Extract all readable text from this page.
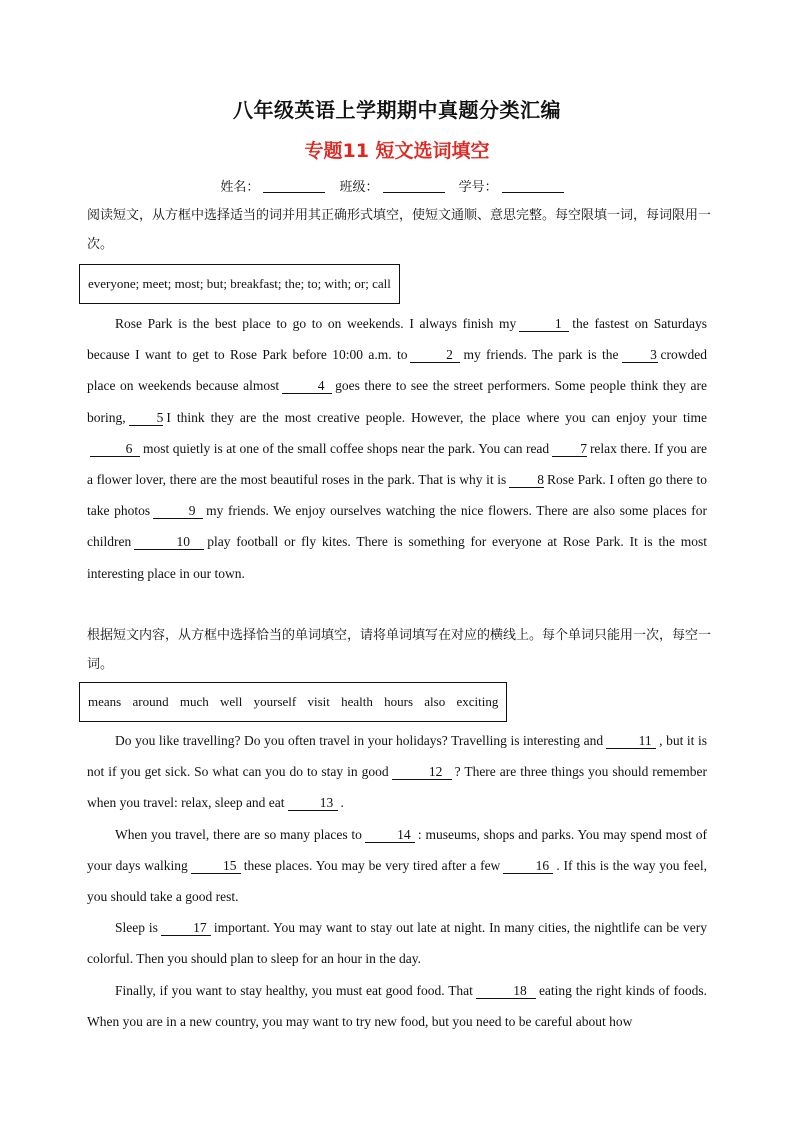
八年级英语上学期期中真题分类汇编
专题11 短文选词填空
姓名：	班级：	学号：
阅读短文，从方框中选择适当的词并用其正确形式填空，使短文通顺、意思完整。每空限填一词，每词限用一次。
everyone; meet; most; but; breakfast; the; to; with; or; call

Rose Park is the best place to go to on weekends. I always finish my	1 the fastest on Saturdays because I want to get to Rose Park before 10:00 a.m. to	2 my friends. The park is the 3 crowded place on weekends because almost	4 goes there to see the street performers. Some people think they are boring, 5 I think they are the most creative people. However, the place where you can enjoy your time6 most quietly is at one of the small coffee shops near the park. You can read 7 relax there. If you are a flower lover, there are the most beautiful roses in the park. That is why it is 8 Rose Park. I often go there to take photos	9 my friends. We enjoy ourselves watching the nice flowers. There are also some places for children	10 play football or fly kites. There is something for everyone at Rose Park. It is the most interesting place in our town.

根据短文内容，从方框中选择恰当的单词填空，请将单词填写在对应的横线上。每个单词只能用一次，每空一词。
means around much well yourself visit health hours also exciting

Do you like travelling? Do you often travel in your holidays? Travelling is interesting and	11 , but it is not if you get sick. So what can you do to stay in good	12 ? There are three things you should remember when you travel: relax, sleep and eat	13 .

When you travel, there are so many places to	14 : museums, shops and parks. You may spend most of your days walking	15 these places. You may be very tired after a few	16 . If this is the way you feel, you should take a good rest.

Sleep is	17 important. You may want to stay out late at night. In many cities, the nightlife can be very colorful. Then you should plan to sleep for an hour in the day.

Finally, if you want to stay healthy, you must eat good food. That	18 eating the right kinds of foods. When you are in a new country, you may want to try new food, but you need to be careful about how
